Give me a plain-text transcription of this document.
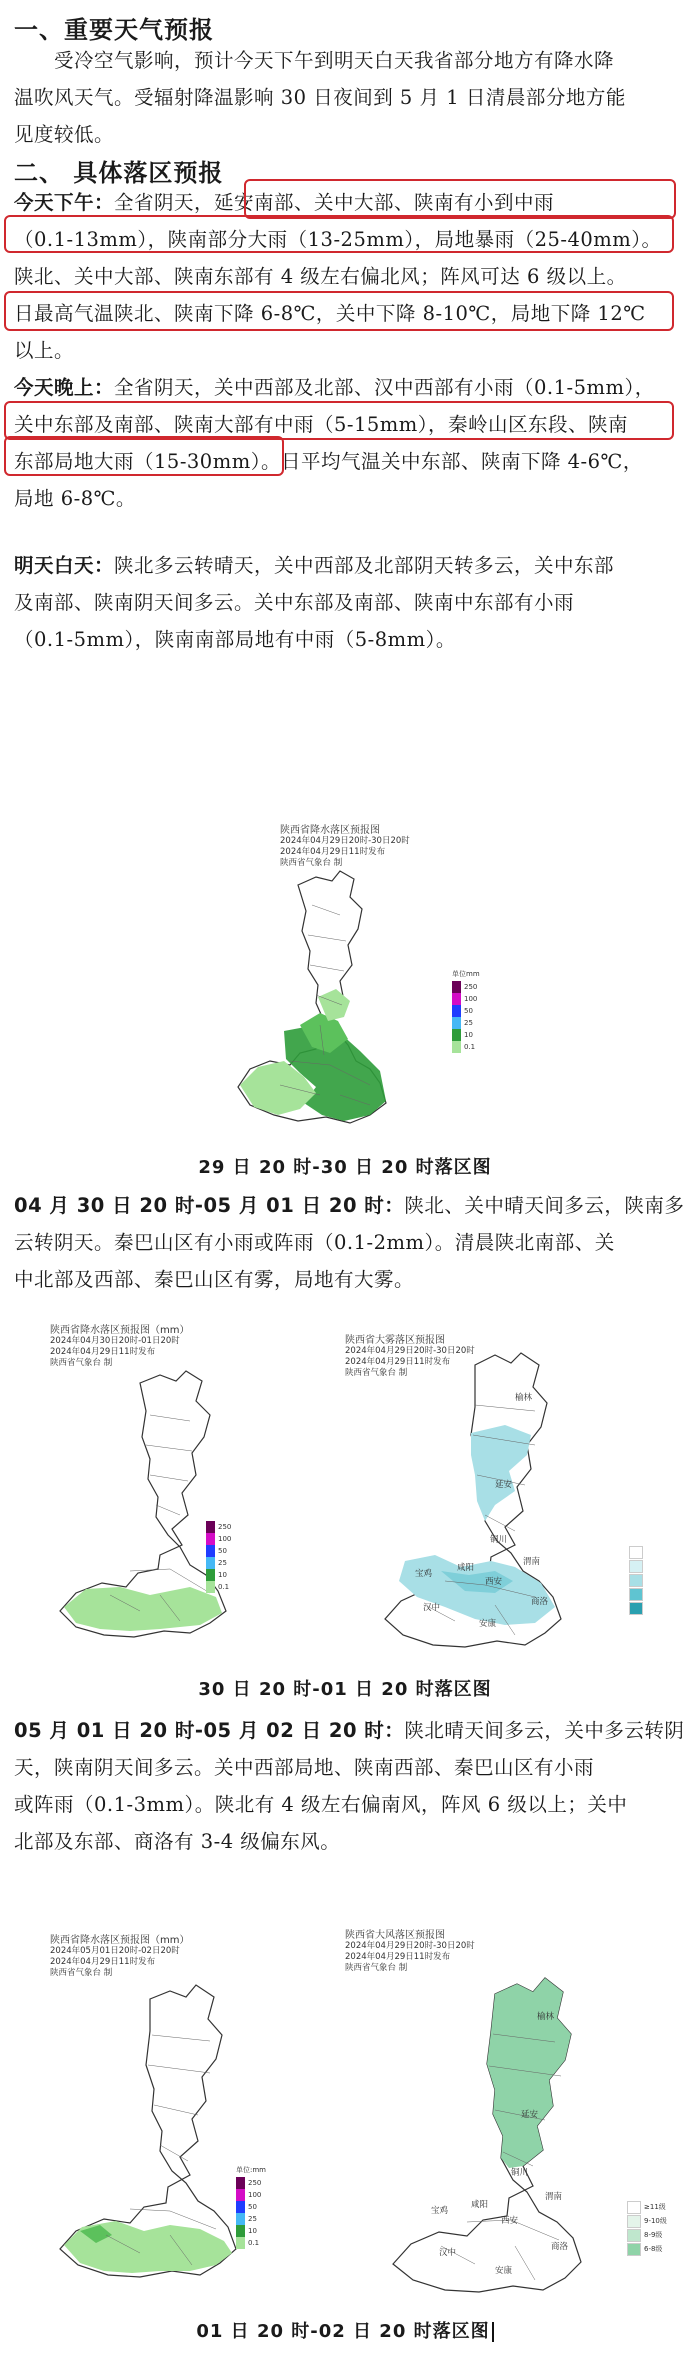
一、重要天气预报
受冷空气影响，预计今天下午到明天白天我省部分地方有降水降
温吹风天气。受辐射降温影响 30 日夜间到 5 月 1 日清晨部分地方能
见度较低。
二、 具体落区预报
今天下午：全省阴天，延安南部、关中大部、陕南有小到中雨
（0.1-13mm），陕南部分大雨（13-25mm），局地暴雨（25-40mm）。
陕北、关中大部、陕南东部有 4 级左右偏北风；阵风可达 6 级以上。
日最高气温陕北、陕南下降 6-8℃，关中下降 8-10℃，局地下降 12℃
以上。
今天晚上：全省阴天，关中西部及北部、汉中西部有小雨（0.1-5mm），
关中东部及南部、陕南大部有中雨（5-15mm），秦岭山区东段、陕南
东部局地大雨（15-30mm）。日平均气温关中东部、陕南下降 4-6℃，
局地 6-8℃。
明天白天：陕北多云转晴天，关中西部及北部阴天转多云，关中东部
及南部、陕南阴天间多云。关中东部及南部、陕南中东部有小雨
（0.1-5mm），陕南南部局地有中雨（5-8mm）。
陕西省降水落区预报图
2024年04月29日20时-30日20时
2024年04月29日11时发布
陕西省气象台 制
单位mm
250
100
50
25
10
0.1
29 日 20 时-30 日 20 时落区图
04 月 30 日 20 时-05 月 01 日 20 时：陕北、关中晴天间多云，陕南多
云转阴天。秦巴山区有小雨或阵雨（0.1-2mm）。清晨陕北南部、关
中北部及西部、秦巴山区有雾，局地有大雾。
陕西省降水落区预报图（mm）
2024年04月30日20时-01日20时
2024年04月29日11时发布
陕西省气象台 制
250
100
50
25
10
0.1
陕西省大雾落区预报图
2024年04月29日20时-30日20时
2024年04月29日11时发布
陕西省气象台 制
榆林
延安
铜川
渭南
宝鸡
咸阳
西安
汉中
安康
商洛
30 日 20 时-01 日 20 时落区图
05 月 01 日 20 时-05 月 02 日 20 时：陕北晴天间多云，关中多云转阴
天，陕南阴天间多云。关中西部局地、陕南西部、秦巴山区有小雨
或阵雨（0.1-3mm）。陕北有 4 级左右偏南风，阵风 6 级以上；关中
北部及东部、商洛有 3-4 级偏东风。
陕西省降水落区预报图（mm）
2024年05月01日20时-02日20时
2024年04月29日11时发布
陕西省气象台 制
单位:mm
250
100
50
25
10
0.1
陕西省大风落区预报图
2024年04月29日20时-30日20时
2024年04月29日11时发布
陕西省气象台 制
榆林
延安
铜川
渭南
宝鸡
咸阳
西安
汉中
安康
商洛
≥11级
9-10级
8-9级
6-8级
01 日 20 时-02 日 20 时落区图
